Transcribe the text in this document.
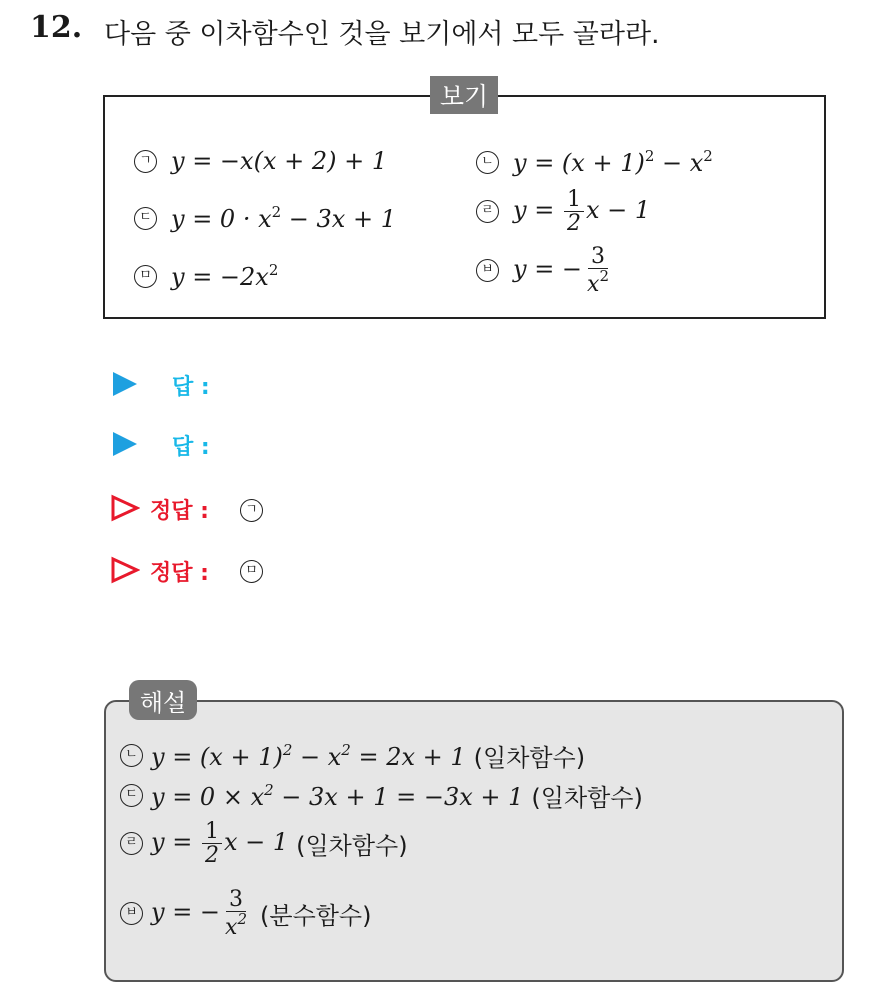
12. 다음 중 이차함수인 것을 보기에서 모두 골라라.
보기
ㄱ y = −x(x + 2) + 1	ㄴ $y = (x + 1)^2 - x^2$
ㄷ $y = 0 \cdot x^2 - 3x + 1$	ㄹ $y = \frac{1}{2}$ x − 1
ㅁ $y = -2x^2$	ㅂ y = − $\frac{3}{x^2}$
답 :
답 :
정답 :	ㄱ
정답 :	ㅁ
해설
ㄴ $y = (x + 1)^2 - x^2 = 2x + 1$ (일차함수)
ㄷ $y = 0 \times x^2 - 3x + 1 = -3x + 1$ (일차함수)
ㄹ $y = \frac{1}{2}$ x − 1 (일차함수)
ㅂ y = − $\frac{3}{x^2}$ (분수함수)
